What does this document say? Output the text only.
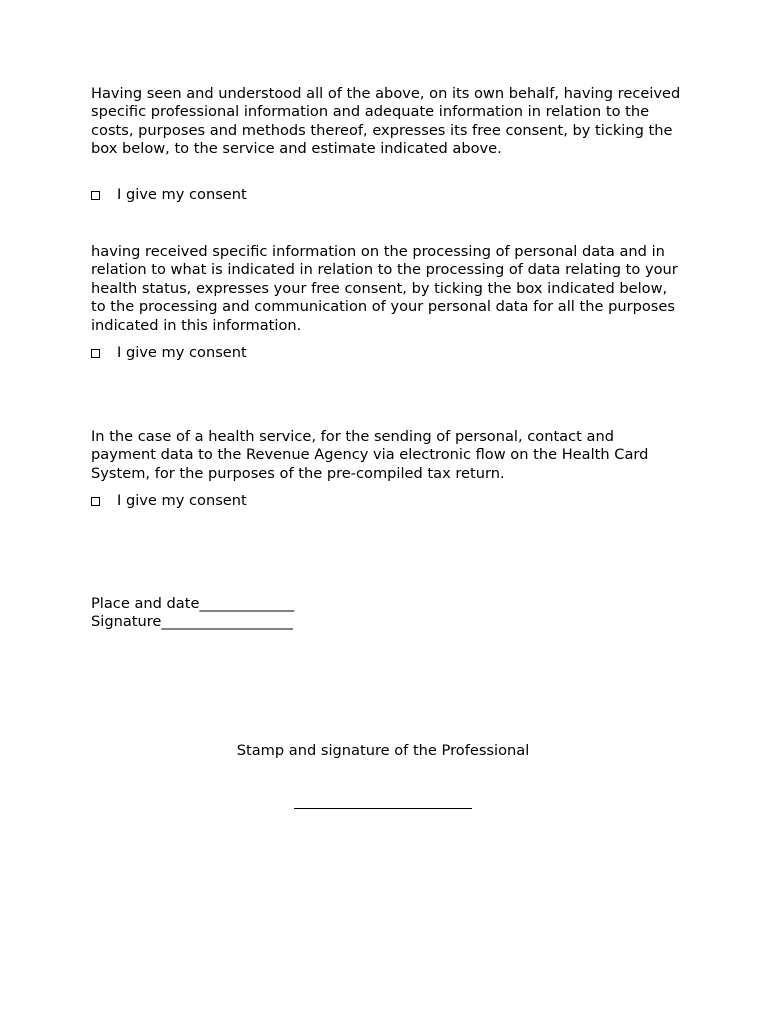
Having seen and understood all of the above, on its own behalf, having received specific professional information and adequate information in relation to the costs, purposes and methods thereof, expresses its free consent, by ticking the box below, to the service and estimate indicated above.

I give my consent

having received specific information on the processing of personal data and in relation to what is indicated in relation to the processing of data relating to your health status, expresses your free consent, by ticking the box indicated below, to the processing and communication of your personal data for all the purposes indicated in this information.

I give my consent

In the case of a health service, for the sending of personal, contact and payment data to the Revenue Agency via electronic flow on the Health Card System, for the purposes of the pre-compiled tax return.

I give my consent
Place and date_____________
Signature__________________
Stamp and signature of the Professional
